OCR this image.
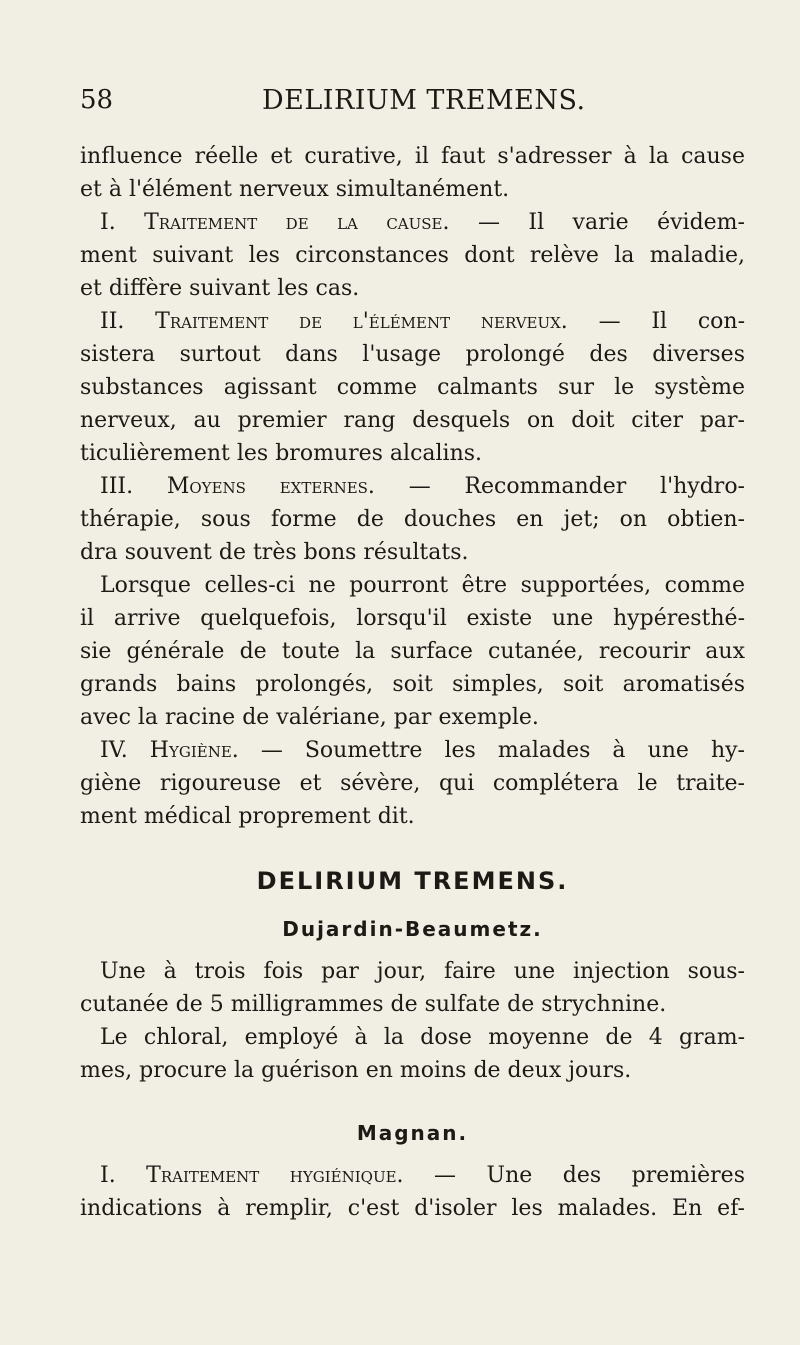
58	DELIRIUM TREMENS.
influence réelle et curative, il faut s'adresser à la cause
et à l'élément nerveux simultanément.
I. Traitement de la cause. — Il varie évidem-
ment suivant les circonstances dont relève la maladie,
et diffère suivant les cas.
II. Traitement de l'élément nerveux. — Il con-
sistera surtout dans l'usage prolongé des diverses
substances agissant comme calmants sur le système
nerveux, au premier rang desquels on doit citer par-
ticulièrement les bromures alcalins.
III. Moyens externes. — Recommander l'hydro-
thérapie, sous forme de douches en jet; on obtien-
dra souvent de très bons résultats.
Lorsque celles-ci ne pourront être supportées, comme
il arrive quelquefois, lorsqu'il existe une hypéresthé-
sie générale de toute la surface cutanée, recourir aux
grands bains prolongés, soit simples, soit aromatisés
avec la racine de valériane, par exemple.
IV. Hygiène. — Soumettre les malades à une hy-
giène rigoureuse et sévère, qui complétera le traite-
ment médical proprement dit.
DELIRIUM TREMENS.
Dujardin-Beaumetz.
Une à trois fois par jour, faire une injection sous-
cutanée de 5 milligrammes de sulfate de strychnine.
Le chloral, employé à la dose moyenne de 4 gram-
mes, procure la guérison en moins de deux jours.
Magnan.
I. Traitement hygiénique. — Une des premières
indications à remplir, c'est d'isoler les malades. En ef-
